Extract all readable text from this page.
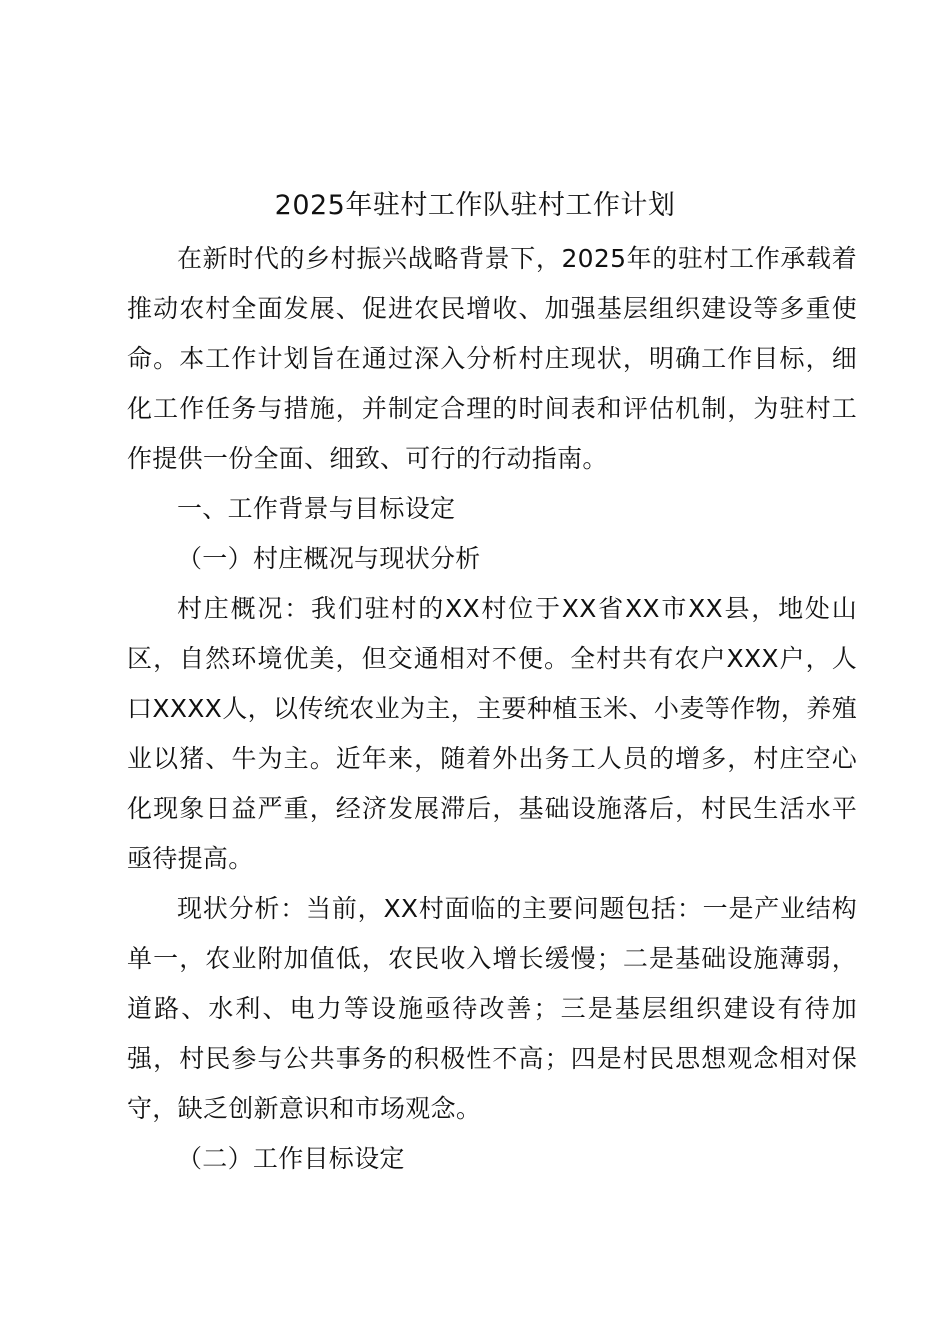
2025年驻村工作队驻村工作计划

在新时代的乡村振兴战略背景下，2025年的驻村工作承载着推动农村全面发展、促进农民增收、加强基层组织建设等多重使命。本工作计划旨在通过深入分析村庄现状，明确工作目标，细化工作任务与措施，并制定合理的时间表和评估机制，为驻村工作提供一份全面、细致、可行的行动指南。

一、工作背景与目标设定

（一）村庄概况与现状分析

村庄概况：我们驻村的XX村位于XX省XX市XX县，地处山区，自然环境优美，但交通相对不便。全村共有农户XXX户，人口XXXX人，以传统农业为主，主要种植玉米、小麦等作物，养殖业以猪、牛为主。近年来，随着外出务工人员的增多，村庄空心化现象日益严重，经济发展滞后，基础设施落后，村民生活水平亟待提高。

现状分析：当前，XX村面临的主要问题包括：一是产业结构单一，农业附加值低，农民收入增长缓慢；二是基础设施薄弱，道路、水利、电力等设施亟待改善；三是基层组织建设有待加强，村民参与公共事务的积极性不高；四是村民思想观念相对保守，缺乏创新意识和市场观念。

（二）工作目标设定
